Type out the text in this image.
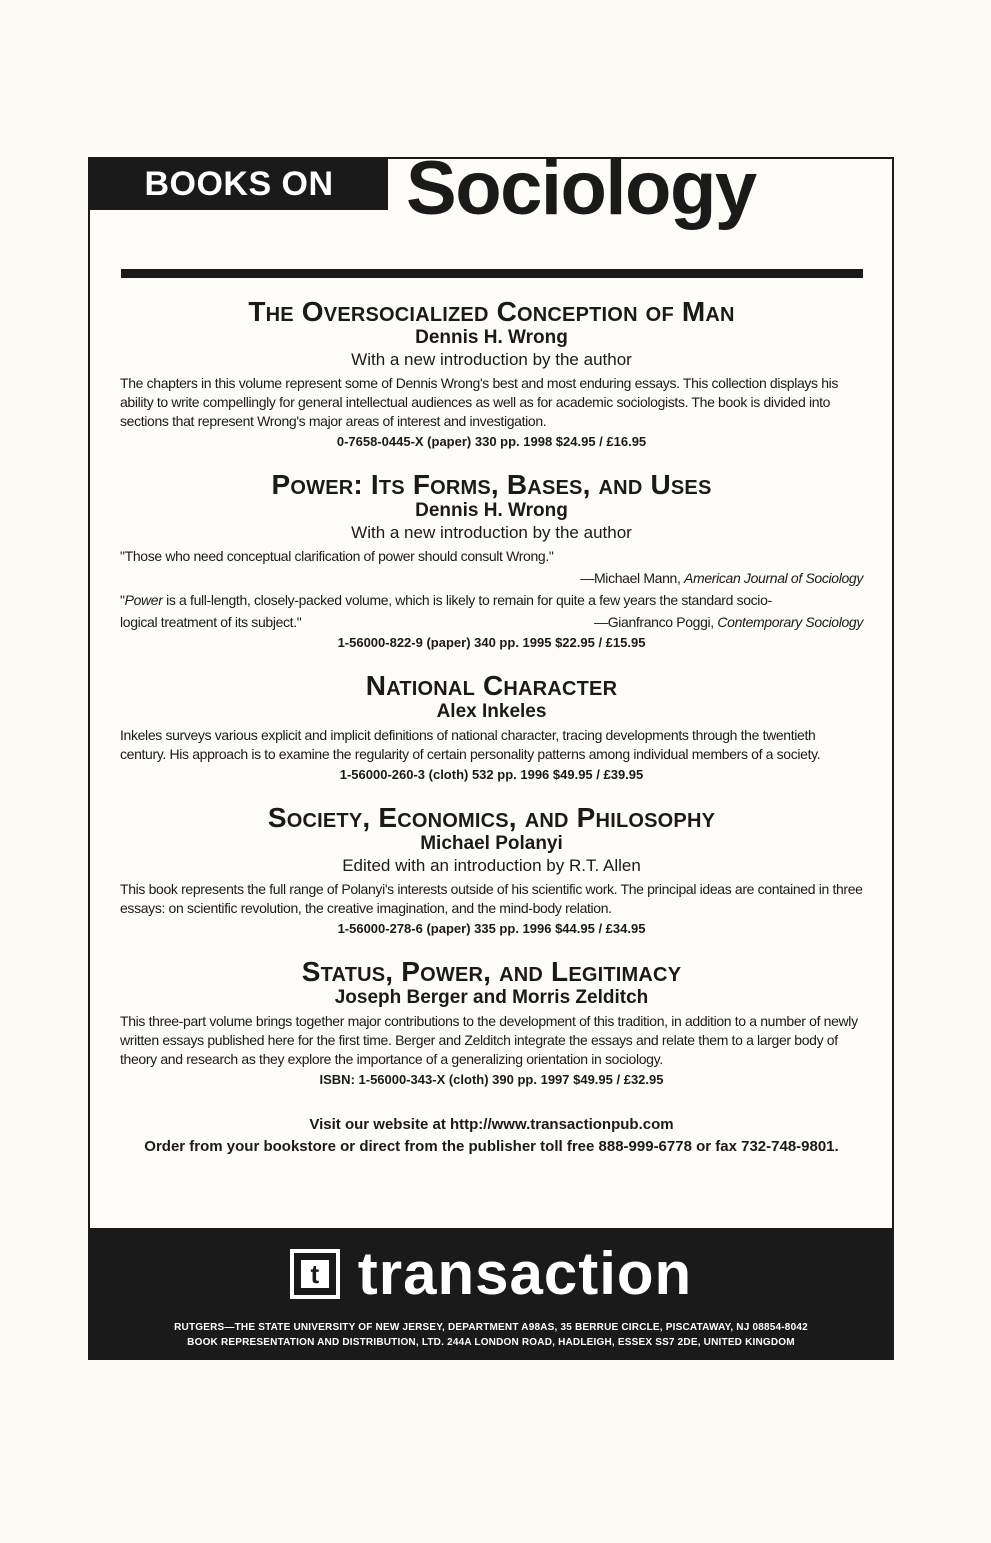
BOOKS ON Sociology
The Oversocialized Conception of Man
Dennis H. Wrong
With a new introduction by the author
The chapters in this volume represent some of Dennis Wrong's best and most enduring essays. This collection displays his ability to write compellingly for general intellectual audiences as well as for academic sociologists. The book is divided into sections that represent Wrong's major areas of interest and investigation.
0-7658-0445-X (paper) 330 pp. 1998 $24.95 / £16.95
Power: Its Forms, Bases, and Uses
Dennis H. Wrong
With a new introduction by the author
"Those who need conceptual clarification of power should consult Wrong."
—Michael Mann, American Journal of Sociology
"Power is a full-length, closely-packed volume, which is likely to remain for quite a few years the standard socio-
logical treatment of its subject."	—Gianfranco Poggi, Contemporary Sociology
1-56000-822-9 (paper) 340 pp. 1995 $22.95 / £15.95
National Character
Alex Inkeles
Inkeles surveys various explicit and implicit definitions of national character, tracing developments through the twentieth century. His approach is to examine the regularity of certain personality patterns among individual members of a society.
1-56000-260-3 (cloth) 532 pp. 1996 $49.95 / £39.95
Society, Economics, and Philosophy
Michael Polanyi
Edited with an introduction by R.T. Allen
This book represents the full range of Polanyi's interests outside of his scientific work. The principal ideas are contained in three essays: on scientific revolution, the creative imagination, and the mind-body relation.
1-56000-278-6 (paper) 335 pp. 1996 $44.95 / £34.95
Status, Power, and Legitimacy
Joseph Berger and Morris Zelditch
This three-part volume brings together major contributions to the development of this tradition, in addition to a number of newly written essays published here for the first time. Berger and Zelditch integrate the essays and relate them to a larger body of theory and research as they explore the importance of a generalizing orientation in sociology.
ISBN: 1-56000-343-X (cloth) 390 pp. 1997 $49.95 / £32.95
Visit our website at http://www.transactionpub.com
Order from your bookstore or direct from the publisher toll free 888-999-6778 or fax 732-748-9801.
t transaction
RUTGERS—THE STATE UNIVERSITY OF NEW JERSEY, DEPARTMENT A98AS, 35 BERRUE CIRCLE, PISCATAWAY, NJ 08854-8042
BOOK REPRESENTATION AND DISTRIBUTION, LTD. 244A LONDON ROAD, HADLEIGH, ESSEX SS7 2DE, UNITED KINGDOM
